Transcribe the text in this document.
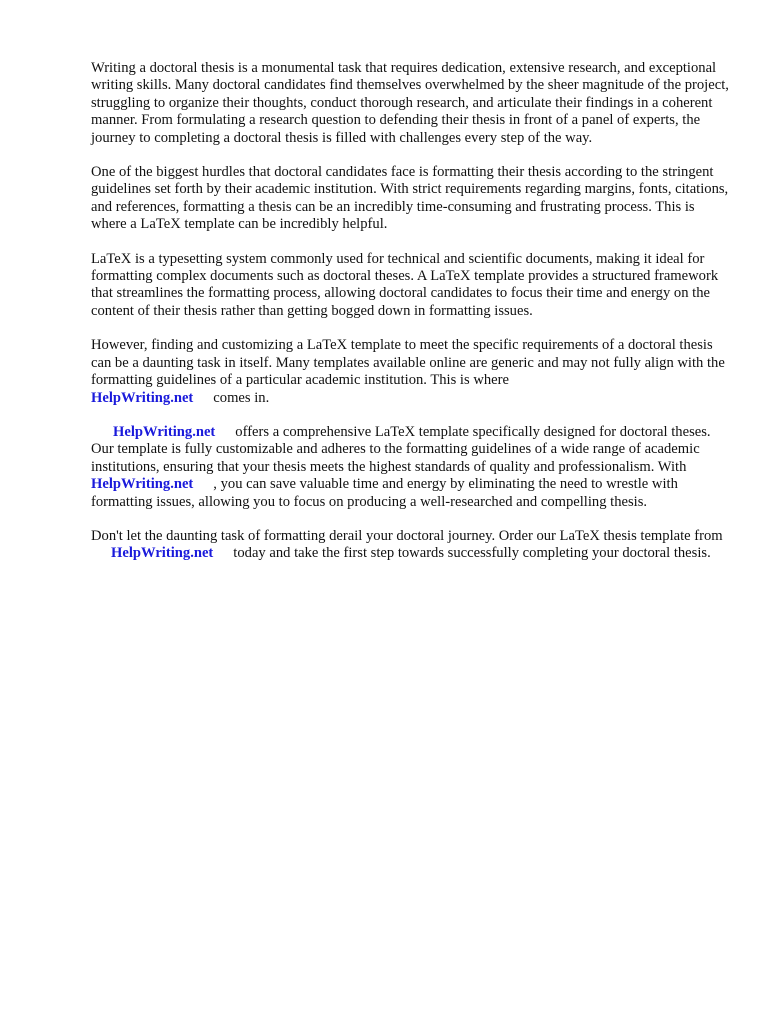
Writing a doctoral thesis is a monumental task that requires dedication, extensive research, and exceptional writing skills. Many doctoral candidates find themselves overwhelmed by the sheer magnitude of the project, struggling to organize their thoughts, conduct thorough research, and articulate their findings in a coherent manner. From formulating a research question to defending their thesis in front of a panel of experts, the journey to completing a doctoral thesis is filled with challenges every step of the way.

One of the biggest hurdles that doctoral candidates face is formatting their thesis according to the stringent guidelines set forth by their academic institution. With strict requirements regarding margins, fonts, citations, and references, formatting a thesis can be an incredibly time-consuming and frustrating process. This is where a LaTeX template can be incredibly helpful.

LaTeX is a typesetting system commonly used for technical and scientific documents, making it ideal for formatting complex documents such as doctoral theses. A LaTeX template provides a structured framework that streamlines the formatting process, allowing doctoral candidates to focus their time and energy on the content of their thesis rather than getting bogged down in formatting issues.

However, finding and customizing a LaTeX template to meet the specific requirements of a doctoral thesis can be a daunting task in itself. Many templates available online are generic and may not fully align with the formatting guidelines of a particular academic institution. This is where
HelpWriting.net comes in.

HelpWriting.net offers a comprehensive LaTeX template specifically designed for doctoral theses. Our template is fully customizable and adheres to the formatting guidelines of a wide range of academic institutions, ensuring that your thesis meets the highest standards of quality and professionalism. WithHelpWriting.net , you can save valuable time and energy by eliminating the need to wrestle with formatting issues, allowing you to focus on producing a well-researched and compelling thesis.

Don't let the daunting task of formatting derail your doctoral journey. Order our LaTeX thesis template fromHelpWriting.net today and take the first step towards successfully completing your doctoral thesis.
